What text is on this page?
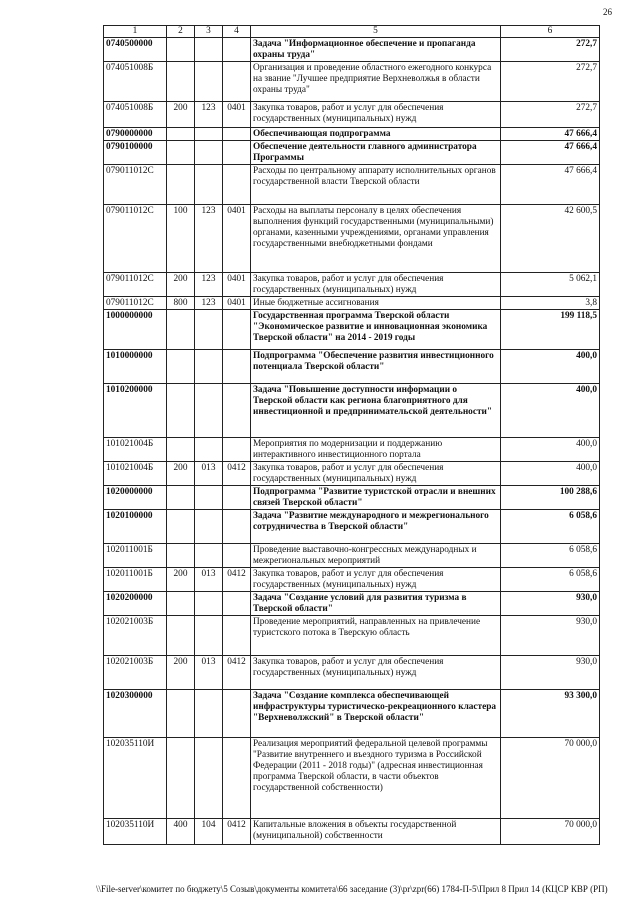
26
1	2	3	4	5	6
0740500000				Задача "Информационное обеспечение и пропаганда охраны труда"	272,7
074051008Б				Организация и проведение областного ежегодного конкурса на звание "Лучшее предприятие Верхневолжья в области охраны труда"	272,7
074051008Б	200	123	0401	Закупка товаров, работ и услуг для обеспечения государственных (муниципальных) нужд	272,7
0790000000				Обеспечивающая подпрограмма	47 666,4
0790100000				Обеспечение деятельности главного администратора Программы	47 666,4
079011012С				Расходы по центральному аппарату исполнительных органов государственной власти Тверской области	47 666,4
079011012С	100	123	0401	Расходы на выплаты персоналу в целях обеспечения выполнения функций государственными (муниципальными) органами, казенными учреждениями, органами управления государственными внебюджетными фондами	42 600,5
079011012С	200	123	0401	Закупка товаров, работ и услуг для обеспечения государственных (муниципальных) нужд	5 062,1
079011012С	800	123	0401	Иные бюджетные ассигнования	3,8
1000000000				Государственная программа Тверской области "Экономическое развитие и инновационная экономика Тверской области" на 2014 - 2019 годы	199 118,5
1010000000				Подпрограмма "Обеспечение развития инвестиционного потенциала Тверской области"	400,0
1010200000				Задача "Повышение доступности информации о Тверской области как региона благоприятного для инвестиционной и предпринимательской деятельности"	400,0
101021004Б				Мероприятия по модернизации и поддержанию интерактивного инвестиционного портала	400,0
101021004Б	200	013	0412	Закупка товаров, работ и услуг для обеспечения государственных (муниципальных) нужд	400,0
1020000000				Подпрограмма "Развитие туристской отрасли и внешних связей Тверской области"	100 288,6
1020100000				Задача "Развитие международного и межрегионального сотрудничества в Тверской области"	6 058,6
102011001Б				Проведение выставочно-конгрессных международных и межрегиональных мероприятий	6 058,6
102011001Б	200	013	0412	Закупка товаров, работ и услуг для обеспечения государственных (муниципальных) нужд	6 058,6
1020200000				Задача "Создание условий для развития туризма в Тверской области"	930,0
102021003Б				Проведение мероприятий, направленных на привлечение туристского потока в Тверскую область	930,0
102021003Б	200	013	0412	Закупка товаров, работ и услуг для обеспечения государственных (муниципальных) нужд	930,0
1020300000				Задача "Создание комплекса обеспечивающей инфраструктуры туристическо-рекреационного кластера "Верхневолжский" в Тверской области"	93 300,0
102035110И				Реализация мероприятий федеральной целевой программы "Развитие внутреннего и въездного туризма в Российской Федерации (2011 - 2018 годы)" (адресная инвестиционная программа Тверской области, в части объектов государственной собственности)	70 000,0
102035110И	400	104	0412	Капитальные вложения в объекты государственной (муниципальной) собственности	70 000,0
\\File-server\комитет по бюджету\5 Созыв\документы комитета\66 заседание (3)\pr\zpr(66) 1784-П-5\Прил 8 Прил 14 (КЦСР КВР (РП)
